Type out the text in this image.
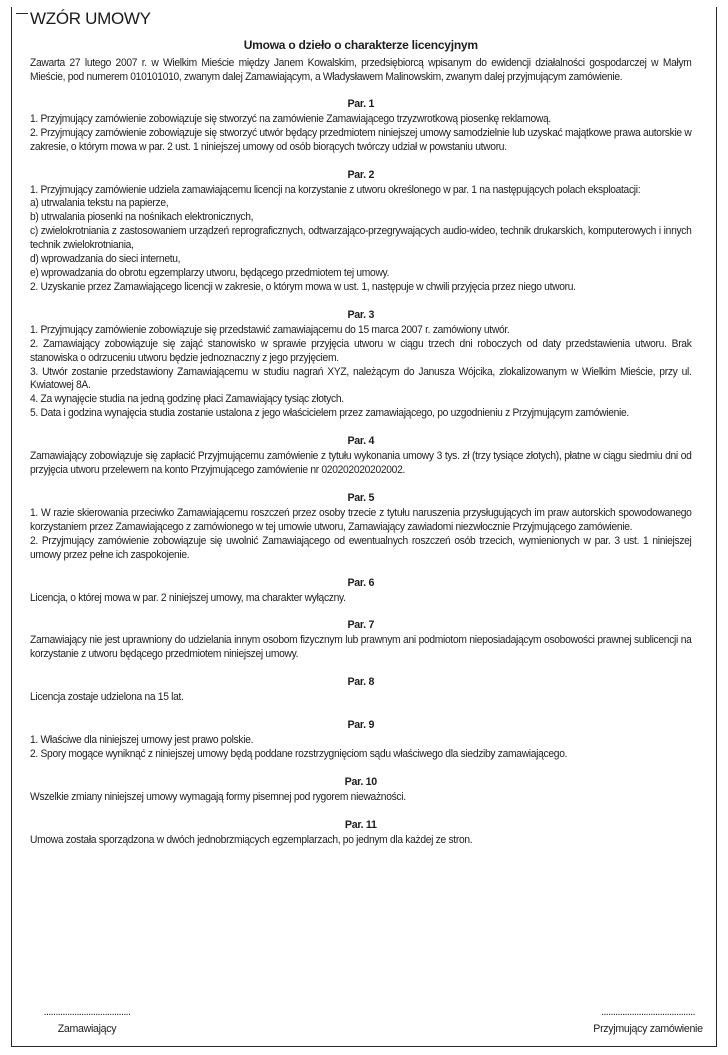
WZÓR UMOWY
Umowa o dzieło o charakterze licencyjnym

Zawarta 27 lutego 2007 r. w Wielkim Mieście między Janem Kowalskim, przedsiębiorcą wpisanym do ewidencji działalności gospodarczej w Małym Mieście, pod numerem 010101010, zwanym dalej Zamawiającym, a Władysławem Malinowskim, zwanym dalej przyjmującym zamówienie.

Par. 1

1. Przyjmujący zamówienie zobowiązuje się stworzyć na zamówienie Zamawiającego trzyzwrotkową piosenkę reklamową.

2. Przyjmujący zamówienie zobowiązuje się stworzyć utwór będący przedmiotem niniejszej umowy samodzielnie lub uzyskać majątkowe prawa autorskie w zakresie, o którym mowa w par. 2 ust. 1 niniejszej umowy od osób biorących twórczy udział w powstaniu utworu.

Par. 2

1. Przyjmujący zamówienie udziela zamawiającemu licencji na korzystanie z utworu określonego w par. 1 na następujących polach eksploatacji:

a) utrwalania tekstu na papierze,

b) utrwalania piosenki na nośnikach elektronicznych,

c) zwielokrotniania z zastosowaniem urządzeń reprograficznych, odtwarzająco-przegrywających audio-wideo, technik drukarskich, komputerowych i innych technik zwielokrotniania,

d) wprowadzania do sieci internetu,

e) wprowadzania do obrotu egzemplarzy utworu, będącego przedmiotem tej umowy.

2. Uzyskanie przez Zamawiającego licencji w zakresie, o którym mowa w ust. 1, następuje w chwili przyjęcia przez niego utworu.

Par. 3

1. Przyjmujący zamówienie zobowiązuje się przedstawić zamawiającemu do 15 marca 2007 r. zamówiony utwór.

2. Zamawiający zobowiązuje się zająć stanowisko w sprawie przyjęcia utworu w ciągu trzech dni roboczych od daty przedstawienia utworu. Brak stanowiska o odrzuceniu utworu będzie jednoznaczny z jego przyjęciem.

3. Utwór zostanie przedstawiony Zamawiającemu w studiu nagrań XYZ, należącym do Janusza Wójcika, zlokalizowanym w Wielkim Mieście, przy ul. Kwiatowej 8A.

4. Za wynajęcie studia na jedną godzinę płaci Zamawiający tysiąc złotych.

5. Data i godzina wynajęcia studia zostanie ustalona z jego właścicielem przez zamawiającego, po uzgodnieniu z Przyjmującym zamówienie.

Par. 4

Zamawiający zobowiązuje się zapłacić Przyjmującemu zamówienie z tytułu wykonania umowy 3 tys. zł (trzy tysiące złotych), płatne w ciągu siedmiu dni od przyjęcia utworu przelewem na konto Przyjmującego zamówienie nr 020202020202002.

Par. 5

1. W razie skierowania przeciwko Zamawiającemu roszczeń przez osoby trzecie z tytułu naruszenia przysługujących im praw autorskich spowodowanego korzystaniem przez Zamawiającego z zamówionego w tej umowie utworu, Zamawiający zawiadomi niezwłocznie Przyjmującego zamówienie.

2. Przyjmujący zamówienie zobowiązuje się uwolnić Zamawiającego od ewentualnych roszczeń osób trzecich, wymienionych w par. 3 ust. 1 niniejszej umowy przez pełne ich zaspokojenie.

Par. 6

Licencja, o której mowa w par. 2 niniejszej umowy, ma charakter wyłączny.

Par. 7

Zamawiający nie jest uprawniony do udzielania innym osobom fizycznym lub prawnym ani podmiotom nieposiadającym osobowości prawnej sublicencji na korzystanie z utworu będącego przedmiotem niniejszej umowy.

Par. 8

Licencja zostaje udzielona na 15 lat.

Par. 9

1. Właściwe dla niniejszej umowy jest prawo polskie.

2. Spory mogące wyniknąć z niniejszej umowy będą poddane rozstrzygnięciom sądu właściwego dla siedziby zamawiającego.

Par. 10

Wszelkie zmiany niniejszej umowy wymagają formy pisemnej pod rygorem nieważności.

Par. 11

Umowa została sporządzona w dwóch jednobrzmiących egzemplarzach, po jednym dla każdej ze stron.

.....................................
Zamawiający
........................................
Przyjmujący zamówienie
